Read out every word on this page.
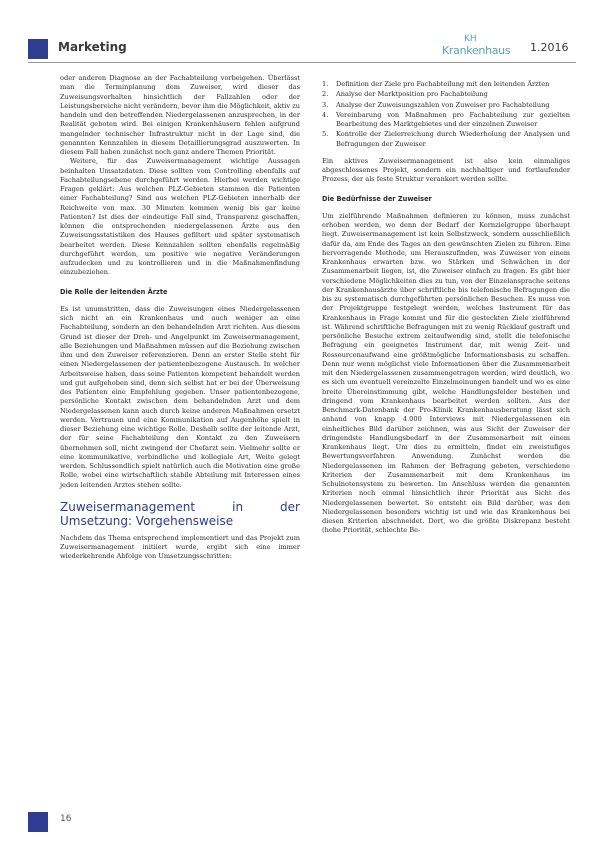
Marketing
KH
Krankenhaus 1.2016

oder anderen Diagnose an der Fachabteilung vorbeigehen. Überlässt man die Terminplanung dem Zuweiser, wird dieser das Zuweisungsverhalten hinsichtlich der Fallzahlen oder der Leistungsbereiche nicht verändern, bevor ihm die Möglichkeit, aktiv zu handeln und den betreffenden Niedergelassenen anzusprechen, in der Realität geboten wird. Bei einigen Krankenhäusern fehlen aufgrund mangelnder technischer Infrastruktur nicht in der Lage sind, die genannten Kennzahlen in diesem Detaillierungsgrad auszuwerten. In diesem Fall haben zunächst noch ganz andere Themen Priorität.

Weitere, für das Zuweisermanagement wichtige Aussagen beinhalten Umsatzdaten. Diese sollten vom Controlling ebenfalls auf Fachabteilungsebene durchgeführt werden. Hierbei werden wichtige Fragen geklärt: Aus welchen PLZ-Gebieten stammen die Patienten einer Fachabteilung? Sind aus welchen PLZ-Gebieten innerhalb der Reichweite von max. 30 Minuten kommen wenig bis gar keine Patienten? Ist dies der eindeutige Fall sind, Transparenz geschaffen, können die entsprechenden niedergelassenen Ärzte aus den Zuweisungsstatistiken des Hauses gefiltert und später systematisch bearbeitet werden. Diese Kennzahlen sollten ebenfalls regelmäßig durchgeführt werden, um positive wie negative Veränderungen aufzudecken und zu kontrollieren und in die Maßnahmenfindung einzubeziehen.

Die Rolle der leitenden Ärzte

Es ist unumstritten, dass die Zuweisungen eines Niedergelassenen sich nicht an ein Krankenhaus und auch weniger an eine Fachabteilung, sondern an den behandelnden Arzt richten. Aus diesem Grund ist dieser der Dreh- und Angelpunkt im Zuweisermanagement, alle Beziehungen und Maßnahmen müssen auf die Beziehung zwischen ihm und den Zuweiser referenzieren. Denn an erster Stelle steht für einen Niedergelassenen der patientenbezogene Austausch. In welcher Arbeitsweise haben, dass seine Patienten kompetent behandelt werden und gut aufgehoben sind, denn sich selbst hat er bei der Überweisung des Patienten eine Empfehlung gegeben. Unser patientenbezogene, persönliche Kontakt zwischen dem behandelnden Arzt und dem Niedergelassenen kann auch durch keine anderen Maßnahmen ersetzt werden. Vertrauen und eine Kommunikation auf Augenhöhe spielt in dieser Beziehung eine wichtige Rolle. Deshalb sollte der leitende Arzt, der für seine Fachabteilung den Kontakt zu den Zuweisern übernehmen soll, nicht zwingend der Chefarzt sein. Vielmehr sollte er eine kommunikative, verbindliche und kollegiale Art, Weite gelegt werden. Schlussendlich spielt natürlich auch die Motivation eine große Rolle, wobei eine wirtschaftlich stabile Abteilung mit Interessen eines jeden leitenden Arztes stehen sollte.

Zuweisermanagement in der Umsetzung: Vorgehensweise

Nachdem das Thema entsprechend implementiert und das Projekt zum Zuweisermanagement initiiert wurde, ergibt sich eine immer wiederkehrende Abfolge von Umsetzungsschritten:

1. Definition der Ziele pro Fachabteilung mit den leitenden Ärzten
2. Analyse der Marktposition pro Fachabteilung
3. Analyse der Zuweisungszahlen von Zuweiser pro Fachabteilung
4. Vereinbarung von Maßnahmen pro Fachabteilung zur gezielten Bearbeitung des Marktgebietes und der einzelnen Zuweiser
5. Kontrolle der Zielerreichung durch Wiederholung der Analysen und Befragungen der Zuweiser

Ein aktives Zuweisermanagement ist also kein einmaliges abgeschlossenes Projekt, sondern ein nachhaltiger und fortlaufender Prozess, der als feste Struktur verankert werden sollte.

Die Bedürfnisse der Zuweiser

Um zielführende Maßnahmen definieren zu können, muss zunächst erhoben werden, wo denn der Bedarf der Kernzielgruppe überhaupt liegt. Zuweisermanagement ist kein Selbstzweck, sondern ausschließlich dafür da, am Ende des Tages an den gewünschten Zielen zu führen. Eine hervorragende Methode, um Herauszufinden, was Zuweiser von einem Krankenhaus erwarten bzw. wo Stärken und Schwächen in der Zusammenarbeit liegen, ist, die Zuweiser einfach zu fragen. Es gibt hier verschiedene Möglichkeiten dies zu tun, von der Einzelansprache seitens der Krankenhausärzte über schriftliche bis telefonische Befragungen die bis zu systematisch durchgeführten persönlichen Besuchen. Es muss von der Projektgruppe festgelegt werden, welches Instrument für das Krankenhaus in Frage kommt und für die gesteckten Ziele zielführend ist. Während schriftliche Befragungen mit zu wenig Rücklauf gestraft und persönliche Besuche extrem zeitaufwendig sind, stellt die telefonische Befragung ein geeignetes Instrument dar, mit wenig Zeit- und Ressourcenaufwand eine größtmögliche Informationsbasis zu schaffen. Denn nur wenn möglichst viele Informationen über die Zusammenarbeit mit den Niedergelassenen zusammengetragen werden, wird deutlich, wo es sich um eventuell vereinzelte Einzelmeinungen handelt und wo es eine breite Übereinstimmung gibt, welche Handlungsfelder bestehen und dringend vom Krankenhaus bearbeitet werden sollten. Aus der Benchmark-Datenbank der Pro-Klinik Krankenhausberatung lässt sich anhand von knapp 4.000 Interviews mit Niedergelassenen ein einheitliches Bild darüber zeichnen, was aus Sicht der Zuweiser der dringendste Handlungsbedarf in der Zusammenarbeit mit einem Krankenhaus liegt. Um dies zu ermitteln, findet ein zweistufiges Bewertungsverfahren Anwendung. Zunächst werden die Niedergelassenen im Rahmen der Befragung gebeten, verschiedene Kriterien der Zusammenarbeit mit dem Krankenhaus im Schulnotensystem zu bewerten. Im Anschluss werden die genannten Kriterien noch einmal hinsichtlich ihrer Priorität aus Sicht des Niedergelassenen bewertet. So entsteht ein Bild darüber, was den Niedergelassenen besonders wichtig ist und wie das Krankenhaus bei diesen Kriterien abschneidet. Dort, wo die größte Diskrepanz besteht (hohe Priorität, schlechte Be-

16
